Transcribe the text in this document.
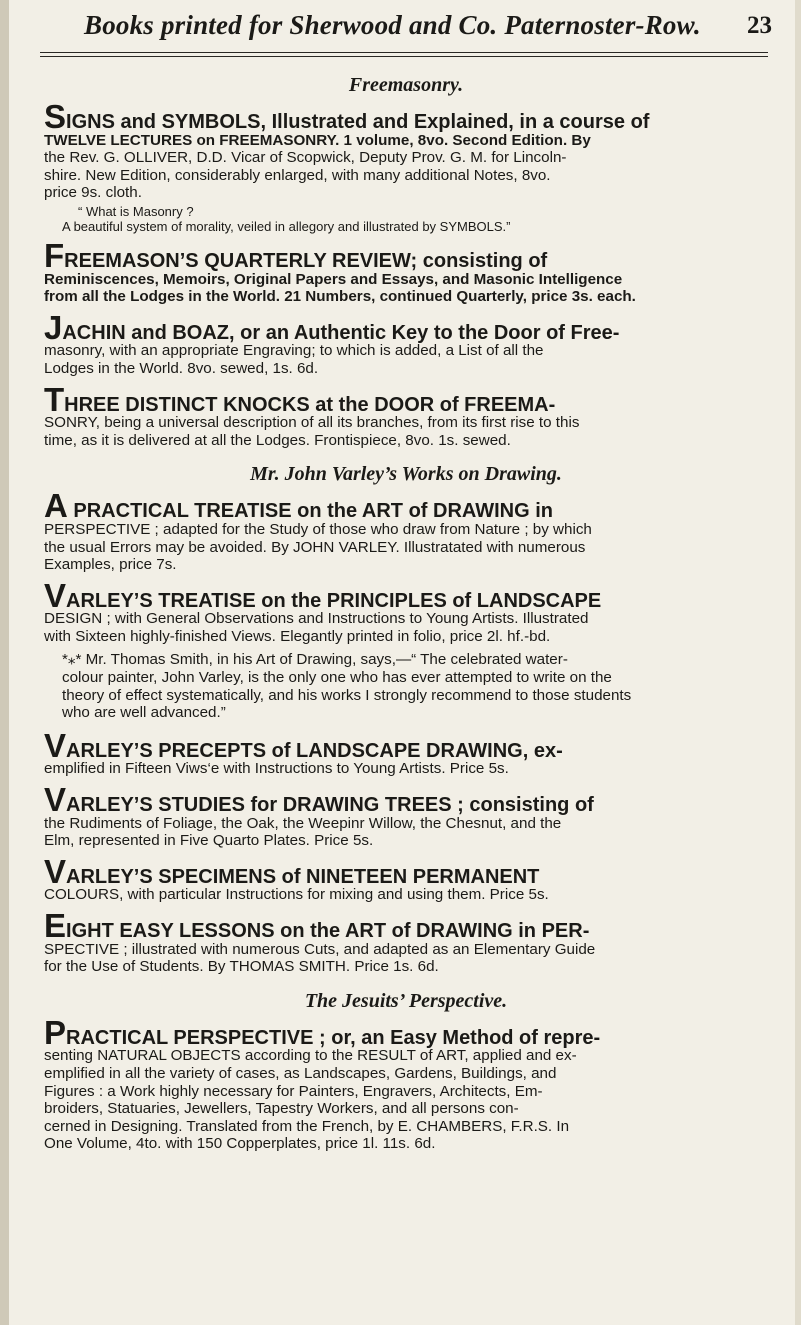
Books printed for Sherwood and Co. Paternoster-Row. 23
Freemasonry.
SIGNS and SYMBOLS, Illustrated and Explained, in a course of
TWELVE LECTURES on FREEMASONRY. 1 volume, 8vo. Second Edition. By
the Rev. G. OLLIVER, D.D. Vicar of Scopwick, Deputy Prov. G. M. for Lincoln-
shire. New Edition, considerably enlarged, with many additional Notes, 8vo.
price 9s. cloth.
“ What is Masonry ?
A beautiful system of morality, veiled in allegory and illustrated by SYMBOLS.”
FREEMASON’S QUARTERLY REVIEW; consisting of
Reminiscences, Memoirs, Original Papers and Essays, and Masonic Intelligence
from all the Lodges in the World. 21 Numbers, continued Quarterly, price 3s. each.
JACHIN and BOAZ, or an Authentic Key to the Door of Free-
masonry, with an appropriate Engraving; to which is added, a List of all the
Lodges in the World. 8vo. sewed, 1s. 6d.
THREE DISTINCT KNOCKS at the DOOR of FREEMA-
SONRY, being a universal description of all its branches, from its first rise to this
time, as it is delivered at all the Lodges. Frontispiece, 8vo. 1s. sewed.
Mr. John Varley’s Works on Drawing.
A PRACTICAL TREATISE on the ART of DRAWING in
PERSPECTIVE ; adapted for the Study of those who draw from Nature ; by which
the usual Errors may be avoided. By JOHN VARLEY. Illustratated with numerous
Examples, price 7s.
VARLEY’S TREATISE on the PRINCIPLES of LANDSCAPE
DESIGN ; with General Observations and Instructions to Young Artists. Illustrated
with Sixteen highly-finished Views. Elegantly printed in folio, price 2l. hf.-bd.
*⁎* Mr. Thomas Smith, in his Art of Drawing, says,—“ The celebrated water-
colour painter, John Varley, is the only one who has ever attempted to write on the
theory of effect systematically, and his works I strongly recommend to those students
who are well advanced.”
VARLEY’S PRECEPTS of LANDSCAPE DRAWING, ex-
emplified in Fifteen Viws‘e with Instructions to Young Artists. Price 5s.
VARLEY’S STUDIES for DRAWING TREES ; consisting of
the Rudiments of Foliage, the Oak, the Weepinr Willow, the Chesnut, and the
Elm, represented in Five Quarto Plates. Price 5s.
VARLEY’S SPECIMENS of NINETEEN PERMANENT
COLOURS, with particular Instructions for mixing and using them. Price 5s.
EIGHT EASY LESSONS on the ART of DRAWING in PER-
SPECTIVE ; illustrated with numerous Cuts, and adapted as an Elementary Guide
for the Use of Students. By THOMAS SMITH. Price 1s. 6d.
The Jesuits’ Perspective.
PRACTICAL PERSPECTIVE ; or, an Easy Method of repre-
senting NATURAL OBJECTS according to the RESULT of ART, applied and ex-
emplified in all the variety of cases, as Landscapes, Gardens, Buildings, and
Figures : a Work highly necessary for Painters, Engravers, Architects, Em-
broiders, Statuaries, Jewellers, Tapestry Workers, and all persons con-
cerned in Designing. Translated from the French, by E. CHAMBERS, F.R.S. In
One Volume, 4to. with 150 Copperplates, price 1l. 11s. 6d.
